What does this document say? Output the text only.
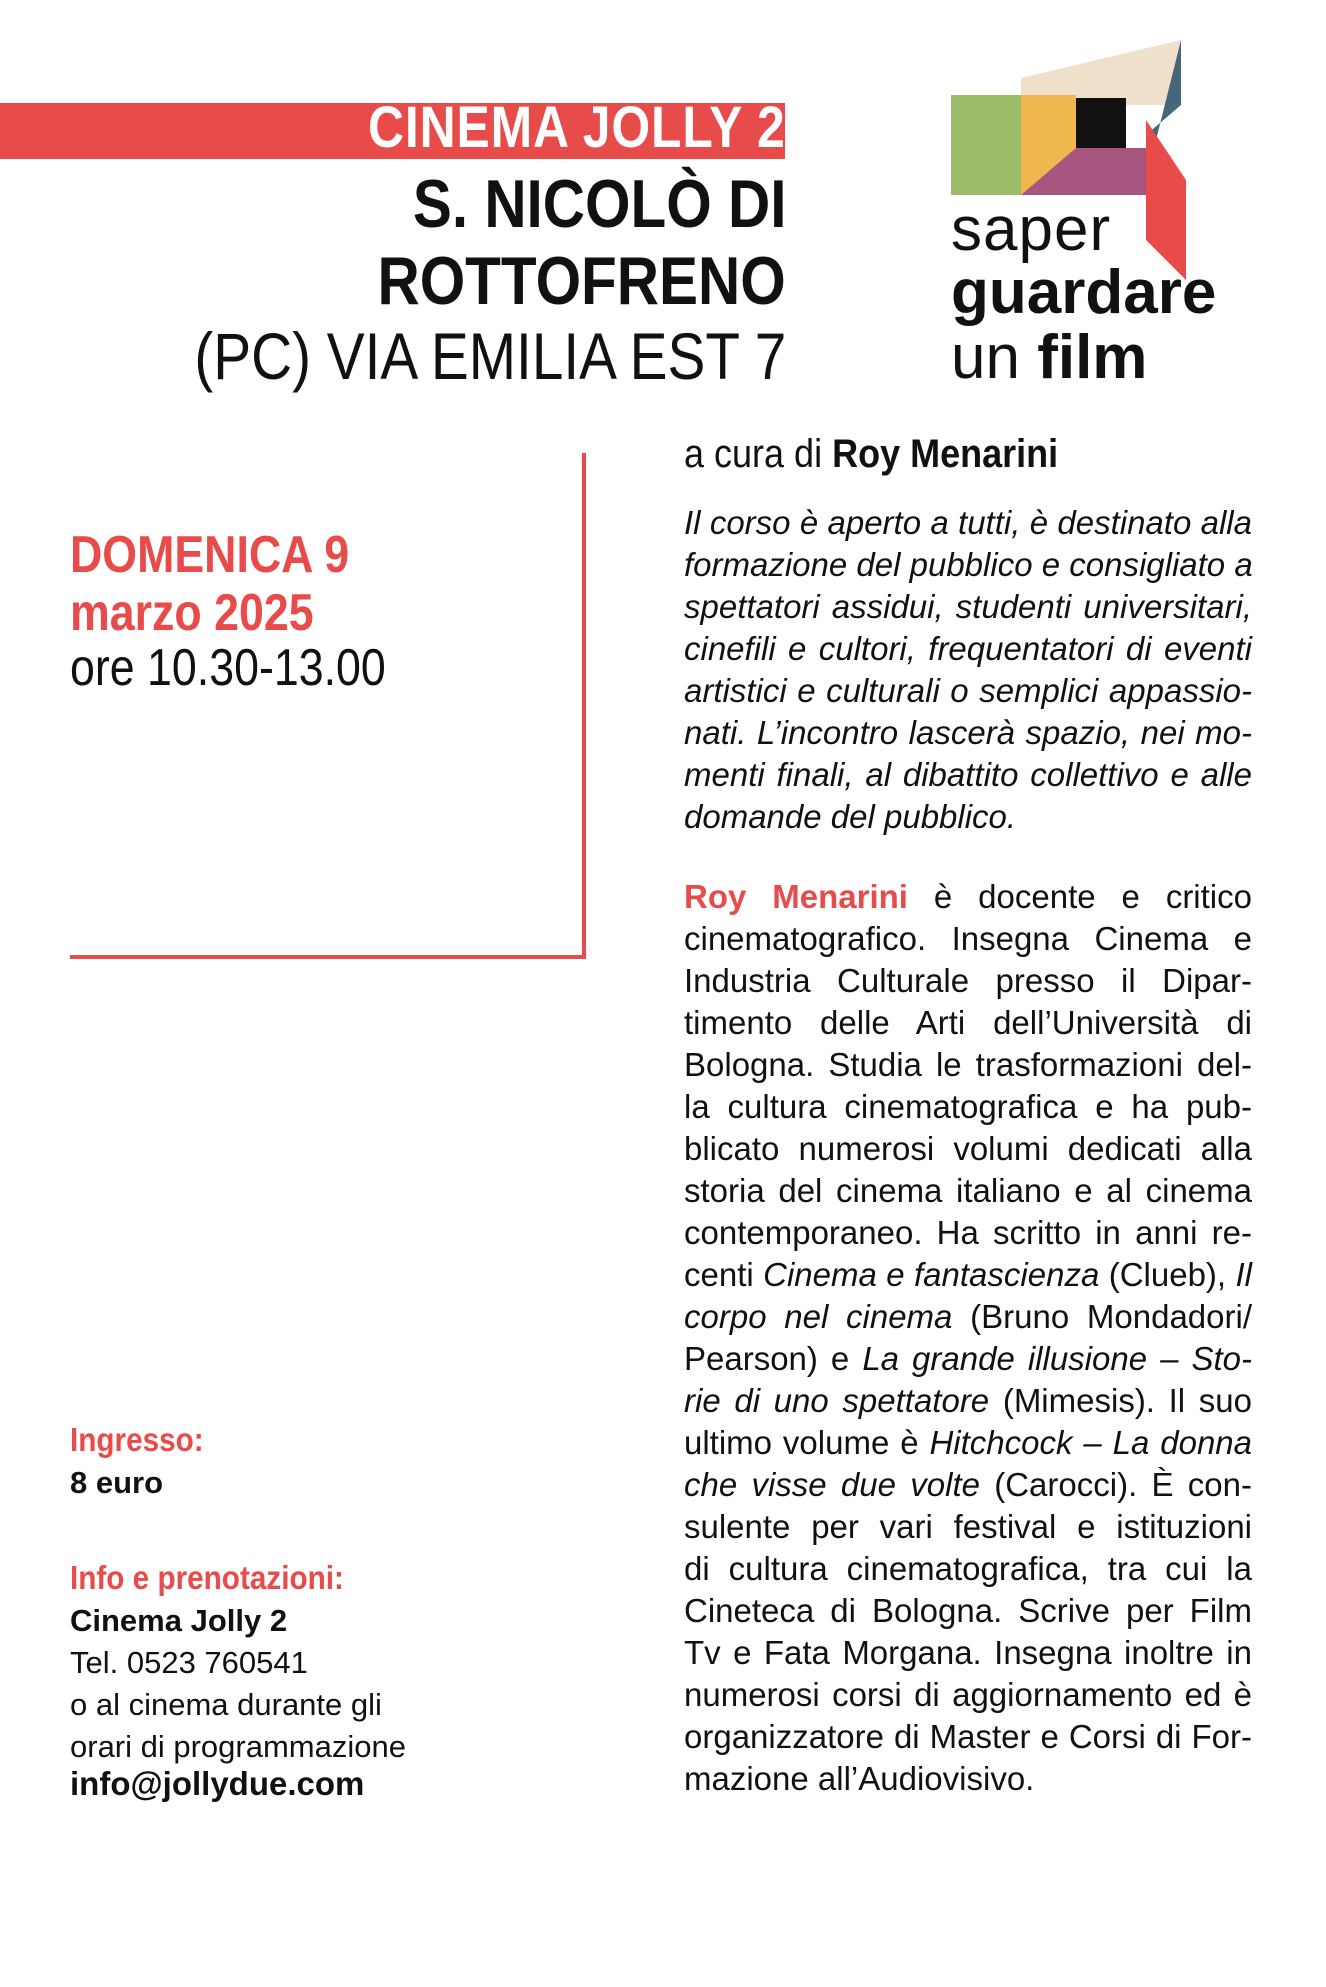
CINEMA JOLLY 2
S. NICOLÒ DI
ROTTOFRENO
(PC) VIA EMILIA EST 7
saper
guardare
un film
DOMENICA 9
marzo 2025
ore 10.30-13.00
a cura di Roy Menarini
Il corso è aperto a tutti, è destinato alla
formazione del pubblico e consigliato a
spettatori assidui, studenti universitari,
cinefili e cultori, frequentatori di eventi
artistici e culturali o semplici appassio-
nati. L’incontro lascerà spazio, nei mo-
menti finali, al dibattito collettivo e alle
domande del pubblico.
Roy Menarini è docente e critico
cinematografico. Insegna Cinema e
Industria Culturale presso il Dipar-
timento delle Arti dell’Università di
Bologna. Studia le trasformazioni del-
la cultura cinematografica e ha pub-
blicato numerosi volumi dedicati alla
storia del cinema italiano e al cinema
contemporaneo. Ha scritto in anni re-
centi Cinema e fantascienza (Clueb), Il
corpo nel cinema (Bruno Mondadori/
Pearson) e La grande illusione – Sto-
rie di uno spettatore (Mimesis). Il suo
ultimo volume è Hitchcock – La donna
che visse due volte (Carocci). È con-
sulente per vari festival e istituzioni
di cultura cinematografica, tra cui la
Cineteca di Bologna. Scrive per Film
Tv e Fata Morgana. Insegna inoltre in
numerosi corsi di aggiornamento ed è
organizzatore di Master e Corsi di For-
mazione all’Audiovisivo.
Ingresso:
8 euro
Info e prenotazioni:
Cinema Jolly 2
Tel. 0523 760541
o al cinema durante gli
orari di programmazione
info@jollydue.com
